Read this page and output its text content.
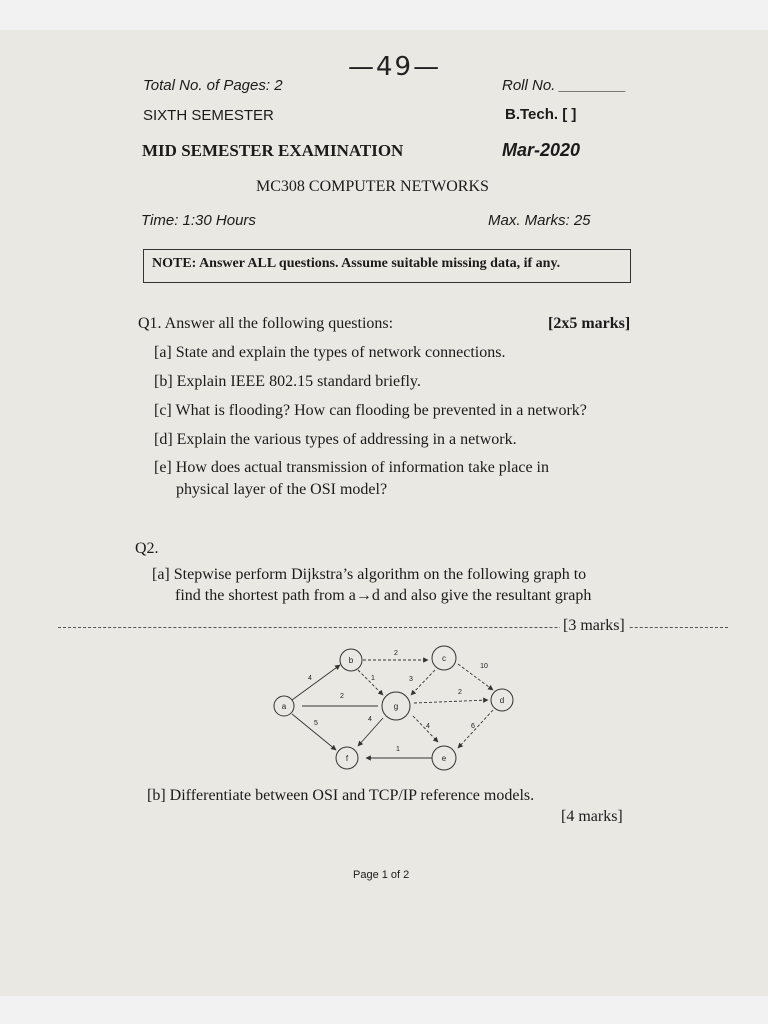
—49—
Total No. of Pages: 2	Roll No. ________
SIXTH SEMESTER	B.Tech. [ ]
MID SEMESTER EXAMINATION	Mar-2020
MC308 COMPUTER NETWORKS
Time: 1:30 Hours	Max. Marks: 25
NOTE: Answer ALL questions. Assume suitable missing data, if any.
Q1. Answer all the following questions:	[2x5 marks]
[a] State and explain the types of network connections.
[b] Explain IEEE 802.15 standard briefly.
[c] What is flooding? How can flooding be prevented in a network?
[d] Explain the various types of addressing in a network.
[e] How does actual transmission of information take place in
physical layer of the OSI model?
Q2.
[a] Stepwise perform Dijkstra’s algorithm on the following graph to
find the shortest path from a→d and also give the resultant graph
[3 marks]
a
b	c
g
d
f	e
4
2
10
1	3
2
2
5
4
4	6
1
[b] Differentiate between OSI and TCP/IP reference models.
[4 marks]
Page 1 of 2
